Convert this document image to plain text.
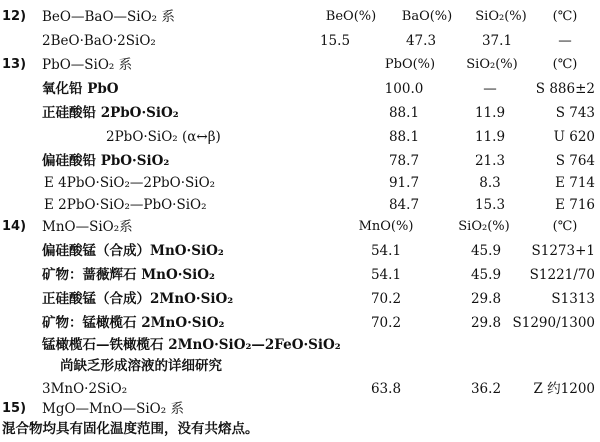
12) BeO—BaO—SiO₂ 系	BeO(%)	BaO(%)	SiO₂(%)	(℃)
2BeO·BaO·2SiO₂	15.5	47.3	37.1	—
13) PbO—SiO₂ 系	PbO(%)	SiO₂(%)	(℃)
氧化铅 PbO	100.0	—	S 886±2
正硅酸铅 2PbO·SiO₂	88.1	11.9	S 743
2PbO·SiO₂ (α↔β)	88.1	11.9	U 620
偏硅酸铅 PbO·SiO₂	78.7	21.3	S 764
E 4PbO·SiO₂—2PbO·SiO₂	91.7	8.3	E 714
E 2PbO·SiO₂—PbO·SiO₂	84.7	15.3	E 716
14) MnO—SiO₂系	MnO(%)	SiO₂(%)	(℃)
偏硅酸锰（合成）MnO·SiO₂	54.1	45.9	S1273+1
矿物：蔷薇辉石 MnO·SiO₂	54.1	45.9	S1221/70
正硅酸锰（合成）2MnO·SiO₂	70.2	29.8	S1313
矿物：锰橄榄石 2MnO·SiO₂	70.2	29.8 S1290/1300
锰橄榄石—铁橄榄石 2MnO·SiO₂—2FeO·SiO₂
尚缺乏形成溶液的详细研究
3MnO·2SiO₂	63.8	36.2	Z 约1200
15) MgO—MnO—SiO₂ 系
混合物均具有固化温度范围，没有共熔点。
